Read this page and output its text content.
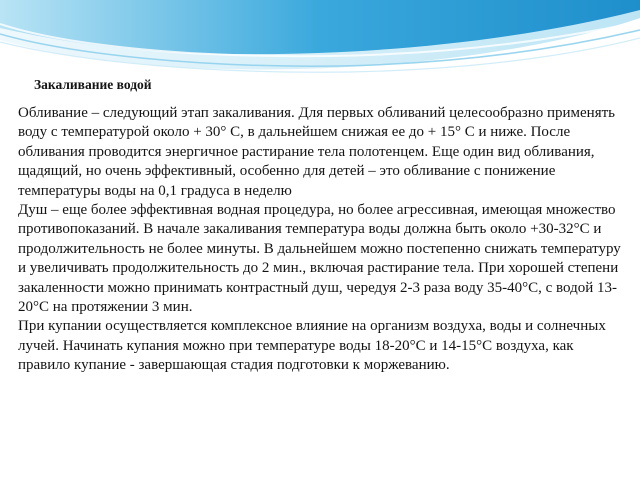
Закаливание водой

Обливание – следующий этап закаливания. Для первых обливаний целесообразно применять воду с температурой около + 30° С, в дальнейшем снижая ее до + 15° С и ниже. После обливания проводится энергичное растирание тела полотенцем. Еще один вид обливания, щадящий, но очень эффективный, особенно для детей – это обливание с понижение температуры воды на 0,1 градуса в неделю

Душ – еще более эффективная водная процедура, но более агрессивная, имеющая множество противопоказаний. В начале закаливания температура воды должна быть около +30-32°С и продолжительность не более минуты. В дальнейшем можно постепенно снижать температуру и увеличивать продолжительность до 2 мин., включая растирание тела. При хорошей степени закаленности можно принимать контрастный душ, чередуя 2-3 раза воду 35-40°С, с водой 13-20°С на протяжении 3 мин.

При купании осуществляется комплексное влияние на организм воздуха, воды и солнечных лучей. Начинать купания можно при температуре воды 18-20°С и 14-15°С воздуха, как правило купание - завершающая стадия подготовки к моржеванию.
